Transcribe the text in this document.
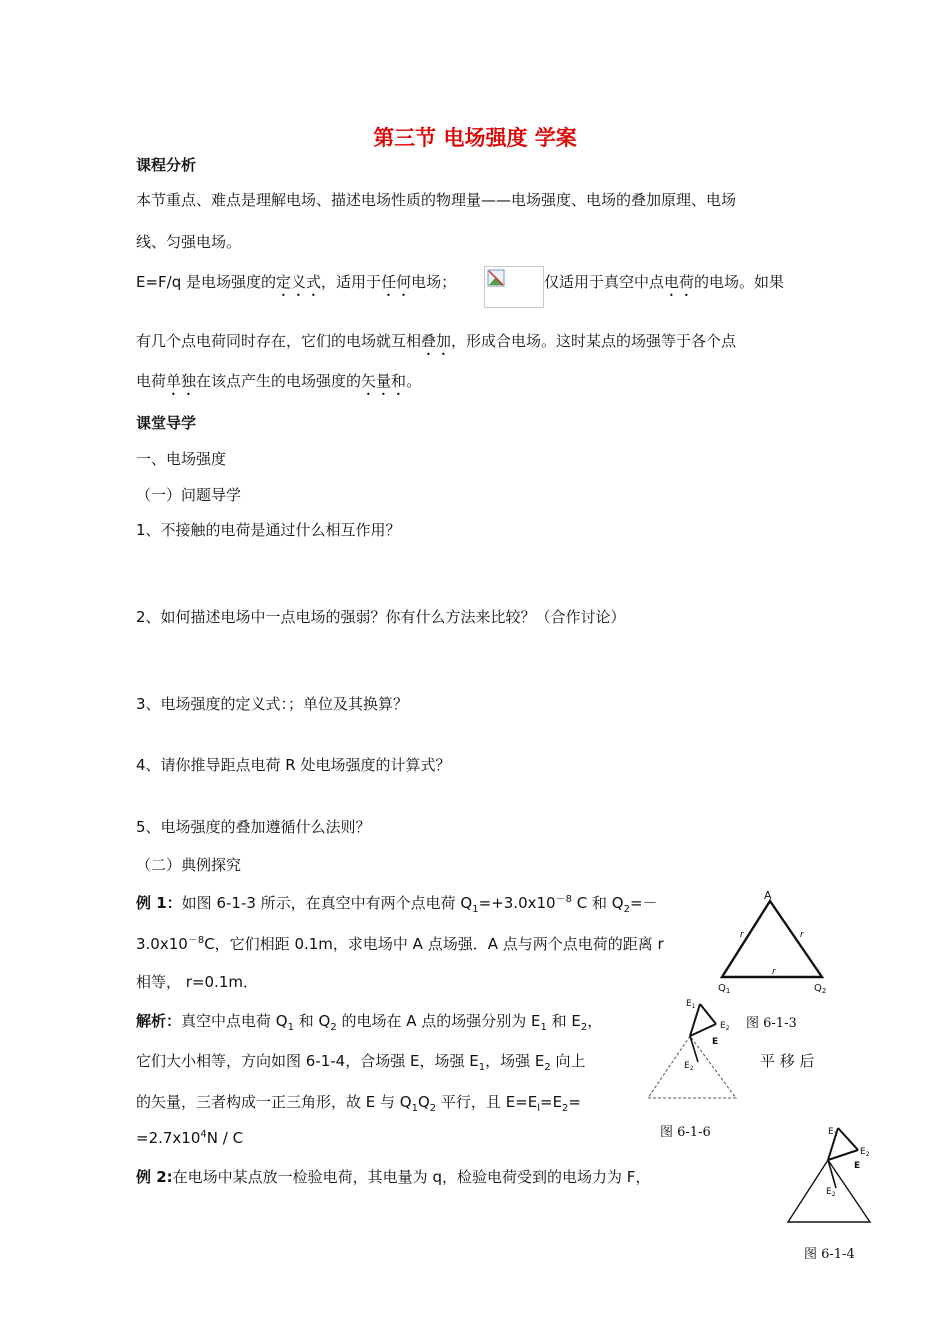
第三节 电场强度 学案
课程分析
本节重点、难点是理解电场、描述电场性质的物理量——电场强度、电场的叠加原理、电场
线、匀强电场。
E=F/q 是电场强度的定义式，适用于任何电场；	仅适用于真空中点电荷的电场。如果
有几个点电荷同时存在，它们的电场就互相叠加，形成合电场。这时某点的场强等于各个点
电荷单独在该点产生的电场强度的矢量和。
课堂导学
一、电场强度
（一）问题导学
1、不接触的电荷是通过什么相互作用？
2、如何描述电场中一点电场的强弱？你有什么方法来比较？（合作讨论）
3、电场强度的定义式：；单位及其换算？
4、请你推导距点电荷 R 处电场强度的计算式？
5、电场强度的叠加遵循什么法则？
（二）典例探究
例 1：如图 6-1-3 所示，在真空中有两个点电荷 $Q_1=+3.0x10^{-8}$ C 和 $Q_2=-$
$3.0x10^{-8}C$，它们相距 0.1m，求电场中 A 点场强．A 点与两个点电荷的距离 r
相等， r=0.1m．
解析：真空中点电荷 $Q_1$ 和 $Q_2$ 的电场在 A 点的场强分别为 $E_1$ 和 $E_2$，
它们大小相等，方向如图 6-1-4，合场强 E，场强 $E_1$，场强 $E_2$ 向上	平 移 后
的矢量，三者构成一正三角形，故 E 与 $Q_1Q_2$ 平行，且 $E=E_l=E_2=$
$=2.7x10^4N / C$
例 2:在电场中某点放一检验电荷，其电量为 q，检验电荷受到的电场力为 F，
A
r	r
r
$Q_1$	$Q_2$
图 6-1-3
$E_1$
$E_2$
E
$E_2$
图 6-1-6	$E_1$
$E_2$
E
$E_2$
图 6-1-4
